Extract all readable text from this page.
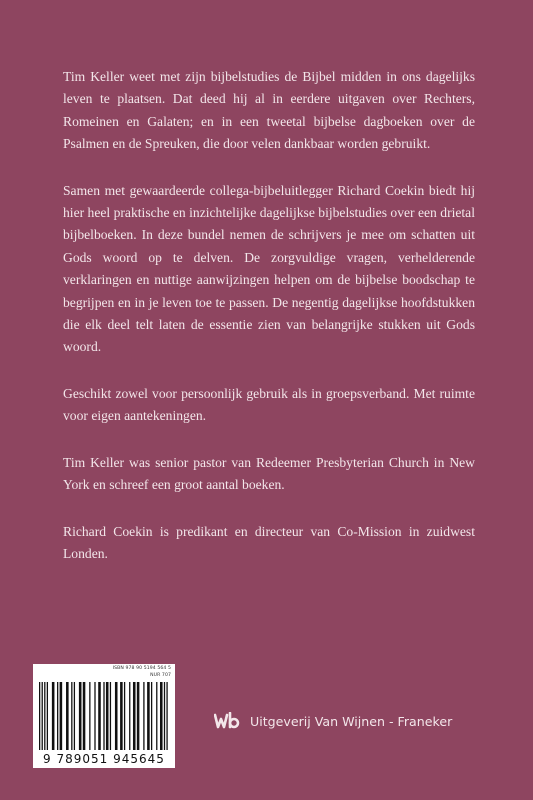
Tim Keller weet met zijn bijbelstudies de Bijbel midden in ons dagelijks leven te plaatsen. Dat deed hij al in eerdere uitgaven over Rechters, Romeinen en Galaten; en in een tweetal bijbelse dagboeken over de Psalmen en de Spreuken, die door velen dankbaar worden gebruikt.

Samen met gewaardeerde collega-bijbeluitlegger Richard Coekin biedt hij hier heel praktische en inzichtelijke dagelijkse bijbelstudies over een drietal bijbelboeken. In deze bundel nemen de schrijvers je mee om schatten uit Gods woord op te delven. De zorgvuldige vragen, verhelderende verklaringen en nuttige aanwijzingen helpen om de bijbelse boodschap te begrijpen en in je leven toe te passen. De negentig dagelijkse hoofdstukken die elk deel telt laten de essentie zien van belangrijke stukken uit Gods woord.

Geschikt zowel voor persoonlijk gebruik als in groepsverband. Met ruimte voor eigen aantekeningen.

Tim Keller was senior pastor van Redeemer Presbyterian Church in New York en schreef een groot aantal boeken.

Richard Coekin is predikant en directeur van Co-Mission in zuidwest Londen.

ISBN 978 90 5194 564 5
NUR 707
9 789051 945645
Uitgeverij Van Wijnen - Franeker
